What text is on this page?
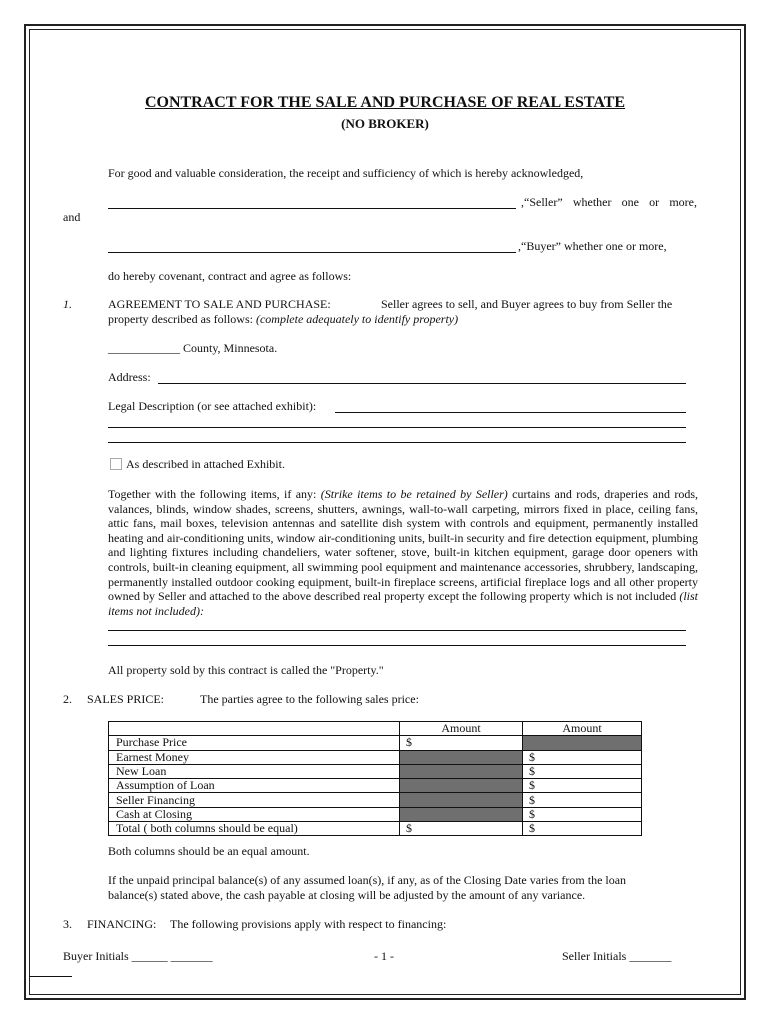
CONTRACT FOR THE SALE AND PURCHASE OF REAL ESTATE
(NO BROKER)
For good and valuable consideration, the receipt and sufficiency of which is hereby acknowledged,
,“Seller” whether one or more,
and
,“Buyer” whether one or more,
do hereby covenant, contract and agree as follows:
1.	AGREEMENT TO SALE AND PURCHASE:	Seller agrees to sell, and Buyer agrees to buy from Seller the
property described as follows: (complete adequately to identify property)
____________ County, Minnesota.
Address:
Legal Description (or see attached exhibit):
As described in attached Exhibit.
Together with the following items, if any: (Strike items to be retained by Seller) curtains and rods, draperies and rods, valances, blinds, window shades, screens, shutters, awnings, wall-to-wall carpeting, mirrors fixed in place, ceiling fans, attic fans, mail boxes, television antennas and satellite dish system with controls and equipment, permanently installed heating and air-conditioning units, window air-conditioning units, built-in security and fire detection equipment, plumbing and lighting fixtures including chandeliers, water softener, stove, built-in kitchen equipment, garage door openers with controls, built-in cleaning equipment, all swimming pool equipment and maintenance accessories, shrubbery, landscaping, permanently installed outdoor cooking equipment, built-in fireplace screens, artificial fireplace logs and all other property owned by Seller and attached to the above described real property except the following property which is not included (list items not included):
All property sold by this contract is called the "Property."
2. SALES PRICE:	The parties agree to the following sales price:
	Amount	Amount
Purchase Price	$	
Earnest Money		$
New Loan		$
Assumption of Loan		$
Seller Financing		$
Cash at Closing		$
Total ( both columns should be equal)	$	$
Both columns should be an equal amount.
If the unpaid principal balance(s) of any assumed loan(s), if any, as of the Closing Date varies from the loan
balance(s) stated above, the cash payable at closing will be adjusted by the amount of any variance.
3. FINANCING: The following provisions apply with respect to financing:
Buyer Initials ______ _______	- 1 -	Seller Initials _______
